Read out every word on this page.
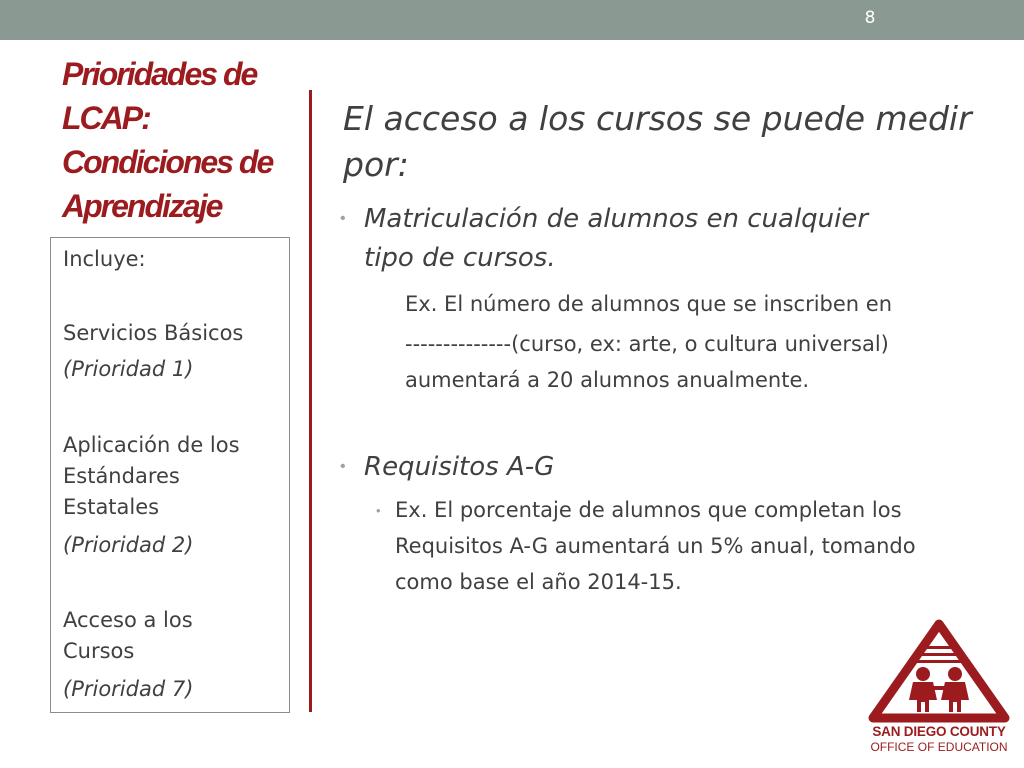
8
Prioridades de
LCAP:
Condiciones de
Aprendizaje
Incluye:
Servicios Básicos
(Prioridad 1)
Aplicación de los
Estándares
Estatales
(Prioridad 2)
Acceso a los
Cursos
(Prioridad 7)
El acceso a los cursos se puede medir
por:
• Matriculación de alumnos en cualquier
tipo de cursos.
Ex. El número de alumnos que se inscriben en
--------------(curso, ex: arte, o cultura universal)
aumentará a 20 alumnos anualmente.
• Requisitos A-G
• Ex. El porcentaje de alumnos que completan los
Requisitos A-G aumentará un 5% anual, tomando
como base el año 2014-15.
SAN DIEGO COUNTY
OFFICE OF EDUCATION
